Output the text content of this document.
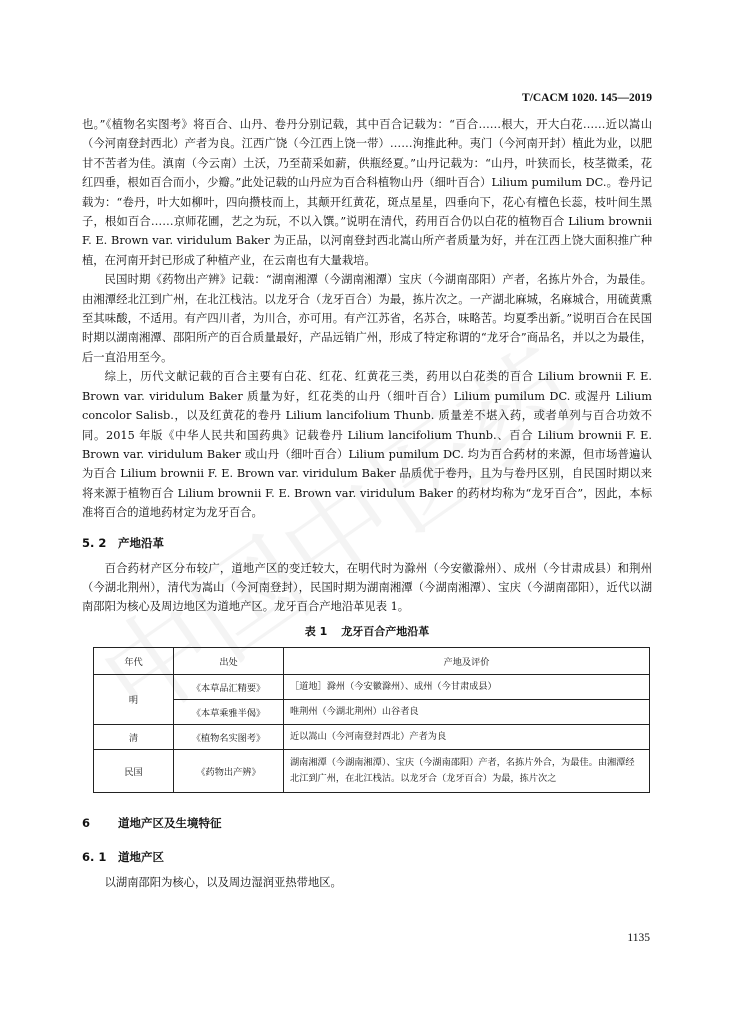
T/CACM 1020. 145—2019

也。”《植物名实图考》将百合、山丹、卷丹分别记载，其中百合记载为：“百合……根大，开大白花……近以嵩山（今河南登封西北）产者为良。江西广饶（今江西上饶一带）……洵推此种。夷门（今河南开封）植此为业，以肥甘不苦者为佳。滇南（今云南）土沃，乃至葥采如薪，供瓶经夏。”山丹记载为：“山丹，叶狭而长，枝茎微柔，花红四垂，根如百合而小，少瓣。”此处记载的山丹应为百合科植物山丹（细叶百合）Lilium pumilum DC.。卷丹记载为：“卷丹，叶大如柳叶，四向攒枝而上，其颠开红黄花，斑点星星，四垂向下，花心有檀色长蕊，枝叶间生黑子，根如百合……京师花圃，艺之为玩，不以入馔。”说明在清代，药用百合仍以白花的植物百合 Lilium brownii F. E. Brown var. viridulum Baker 为正品，以河南登封西北嵩山所产者质量为好，并在江西上饶大面积推广种植，在河南开封已形成了种植产业，在云南也有大量栽培。

民国时期《药物出产辨》记载：“湖南湘潭（今湖南湘潭）宝庆（今湖南邵阳）产者，名拣片外合，为最佳。由湘潭经北江到广州，在北江栈沽。以龙牙合（龙牙百合）为最，拣片次之。一产湖北麻城，名麻城合，用硫黄熏至其味酸，不适用。有产四川者，为川合，亦可用。有产江苏省，名苏合，味略苦。均夏季出新。”说明百合在民国时期以湖南湘潭、邵阳所产的百合质量最好，产品远销广州，形成了特定称谓的“龙牙合”商品名，并以之为最佳，后一直沿用至今。

综上，历代文献记载的百合主要有白花、红花、红黄花三类，药用以白花类的百合 Lilium brownii F. E. Brown var. viridulum Baker 质量为好，红花类的山丹（细叶百合）Lilium pumilum DC. 或渥丹 Lilium concolor Salisb.，以及红黄花的卷丹 Lilium lancifolium Thunb. 质量差不堪入药，或者单列与百合功效不同。2015 年版《中华人民共和国药典》记载卷丹 Lilium lancifolium Thunb.、百合 Lilium brownii F. E. Brown var. viridulum Baker 或山丹（细叶百合）Lilium pumilum DC. 均为百合药材的来源，但市场普遍认为百合 Lilium brownii F. E. Brown var. viridulum Baker 品质优于卷丹，且为与卷丹区别，自民国时期以来将来源于植物百合 Lilium brownii F. E. Brown var. viridulum Baker 的药材均称为“龙牙百合”，因此，本标准将百合的道地药材定为龙牙百合。

5. 2 产地沿革

百合药材产区分布较广，道地产区的变迁较大，在明代时为滁州（今安徽滁州）、成州（今甘肃成县）和荆州（今湖北荆州），清代为嵩山（今河南登封），民国时期为湖南湘潭（今湖南湘潭）、宝庆（今湖南邵阳），近代以湖南邵阳为核心及周边地区为道地产区。龙牙百合产地沿革见表 1。

表 1 龙牙百合产地沿革

年代	出处	产地及评价
明	《本草品汇精要》	［道地］滁州（今安徽滁州）、成州（今甘肃成县）
	《本草乘雅半偈》	唯荆州（今湖北荆州）山谷者良
清	《植物名实图考》	近以嵩山（今河南登封西北）产者为良
民国	《药物出产辨》	湖南湘潭（今湖南湘潭）、宝庆（今湖南邵阳）产者，名拣片外合，为最佳。由湘潭经北江到广州，在北江栈沽。以龙牙合（龙牙百合）为最，拣片次之

6 道地产区及生境特征

6. 1 道地产区

以湖南邵阳为核心，以及周边湿润亚热带地区。

1135
